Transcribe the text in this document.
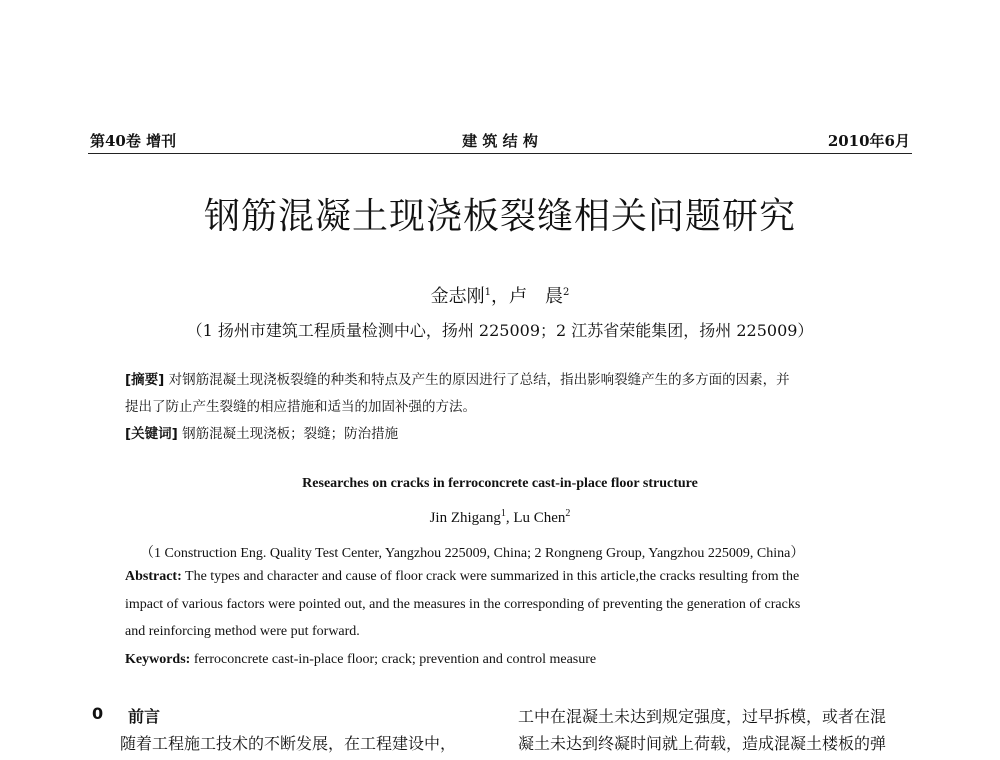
第40卷 增刊	建 筑 结 构	2010年6月
钢筋混凝土现浇板裂缝相关问题研究
金志刚$^1$，卢　晨$^2$
（1 扬州市建筑工程质量检测中心，扬州 225009；2 江苏省荣能集团，扬州 225009）
[摘要] 对钢筋混凝土现浇板裂缝的种类和特点及产生的原因进行了总结，指出影响裂缝产生的多方面的因素，并
提出了防止产生裂缝的相应措施和适当的加固补强的方法。
[关键词] 钢筋混凝土现浇板；裂缝；防治措施
Researches on cracks in ferroconcrete cast-in-place floor structure
Jin Zhigang$^1$, Lu Chen$^2$
（1 Construction Eng. Quality Test Center, Yangzhou 225009, China; 2 Rongneng Group, Yangzhou 225009, China）
Abstract: The types and character and cause of floor crack were summarized in this article,the cracks resulting from the
impact of various factors were pointed out, and the measures in the corresponding of preventing the generation of cracks
and reinforcing method were put forward.
Keywords: ferroconcrete cast-in-place floor; crack; prevention and control measure
0 前言
随着工程施工技术的不断发展，在工程建设中，
工中在混凝土未达到规定强度，过早拆模，或者在混
凝土未达到终凝时间就上荷载，造成混凝土楼板的弹
